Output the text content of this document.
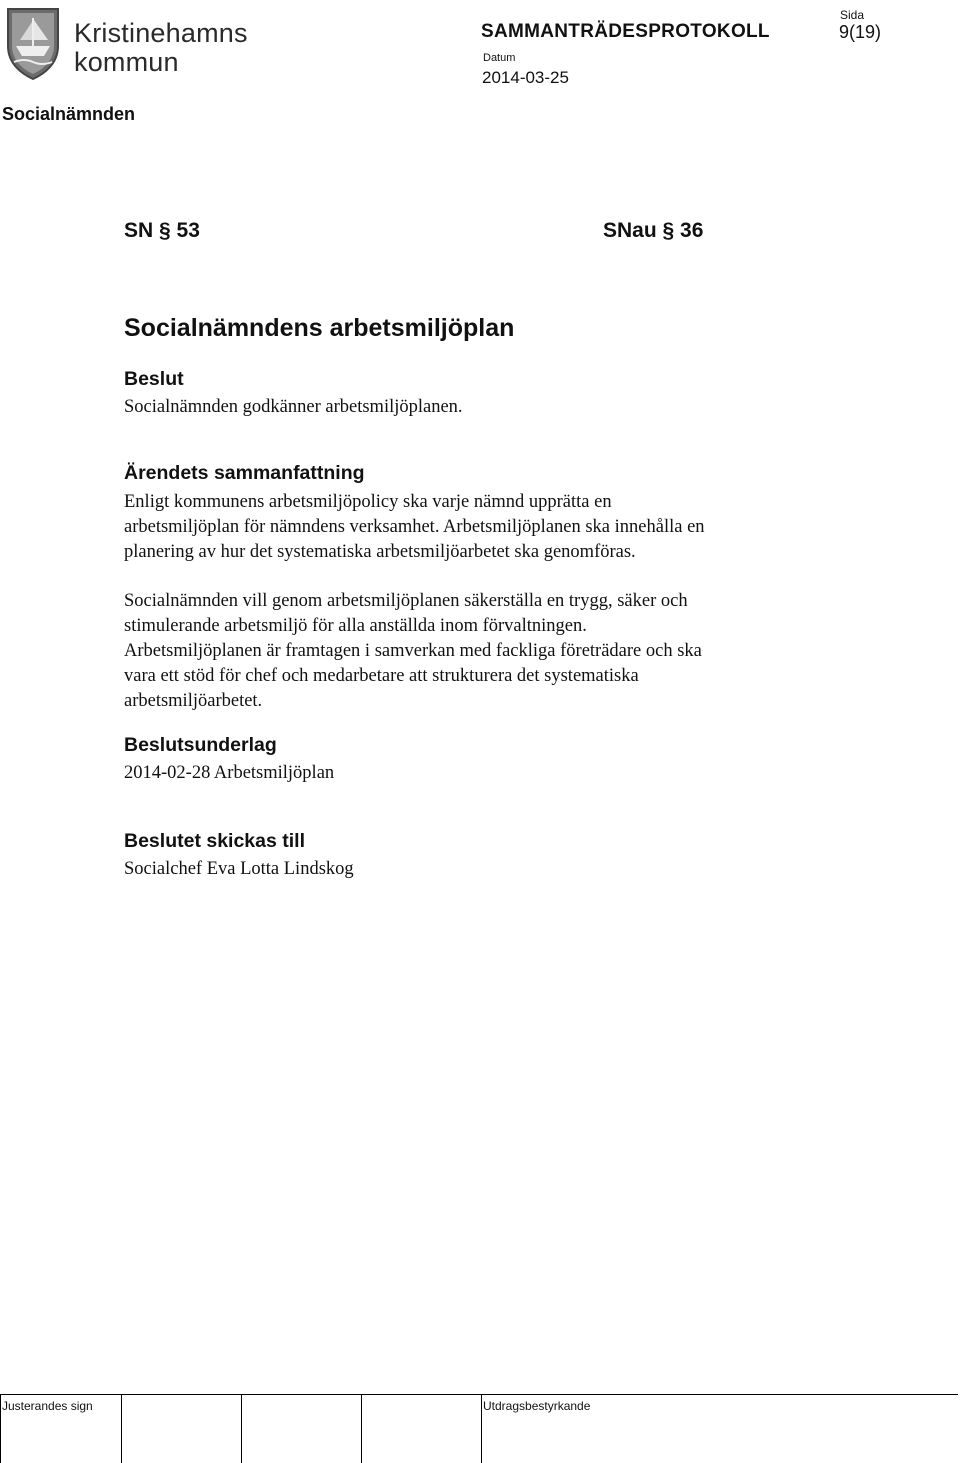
Kristinehamns
kommun
SAMMANTRÄDESPROTOKOLL
Datum
2014-03-25
Sida
9(19)
Socialnämnden
SN § 53	SNau § 36
Socialnämndens arbetsmiljöplan
Beslut

Socialnämnden godkänner arbetsmiljöplanen.

Ärendets sammanfattning

Enligt kommunens arbetsmiljöpolicy ska varje nämnd upprätta en
arbetsmiljöplan för nämndens verksamhet. Arbetsmiljöplanen ska innehålla en
planering av hur det systematiska arbetsmiljöarbetet ska genomföras.

Socialnämnden vill genom arbetsmiljöplanen säkerställa en trygg, säker och
stimulerande arbetsmiljö för alla anställda inom förvaltningen.
Arbetsmiljöplanen är framtagen i samverkan med fackliga företrädare och ska
vara ett stöd för chef och medarbetare att strukturera det systematiska
arbetsmiljöarbetet.

Beslutsunderlag

2014-02-28 Arbetsmiljöplan

Beslutet skickas till

Socialchef Eva Lotta Lindskog

Justerandes sign	Utdragsbestyrkande
